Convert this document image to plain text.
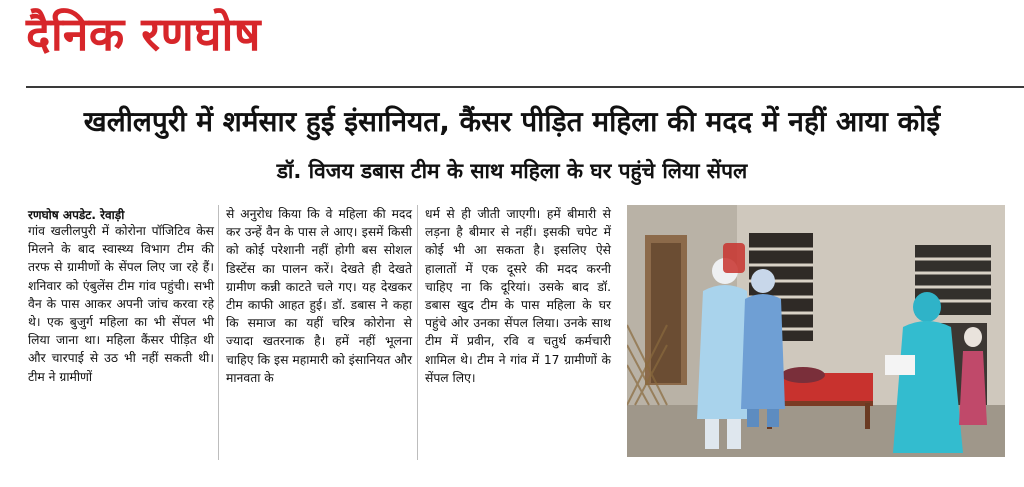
दैनिक रणघोष
खलीलपुरी में शर्मसार हुई इंसानियत, कैंसर पीड़ित महिला की मदद में नहीं आया कोई
डॉ. विजय डबास टीम के साथ महिला के घर पहुंचे लिया सेंपल
रणघोष अपडेट. रेवाड़ी

गांव खलीलपुरी में कोरोना पॉजिटिव केस मिलने के बाद स्वास्थ्य विभाग टीम की तरफ से ग्रामीणों के सेंपल लिए जा रहे हैं। शनिवार को एंबुलेंस टीम गांव पहुंची। सभी वैन के पास आकर अपनी जांच करवा रहे थे। एक बुजुर्ग महिला का भी सेंपल भी लिया जाना था। महिला कैंसर पीड़ित थी और चारपाई से उठ भी नहीं सकती थी। टीम ने ग्रामीणों

से अनुरोध किया कि वे महिला की मदद कर उन्हें वैन के पास ले आए। इसमें किसी को कोई परेशानी नहीं होगी बस सोशल डिस्टेंस का पालन करें। देखते ही देखते ग्रामीण कन्नी काटते चले गए। यह देखकर टीम काफी आहत हुई। डॉ. डबास ने कहा कि समाज का यहीं चरित्र कोरोना से ज्यादा खतरनाक है। हमें नहीं भूलना चाहिए कि इस महामारी को इंसानियत और मानवता के

धर्म से ही जीती जाएगी। हमें बीमारी से लड़ना है बीमार से नहीं। इसकी चपेट में कोई भी आ सकता है। इसलिए ऐसे हालातों में एक दूसरे की मदद करनी चाहिए ना कि दूरियां। उसके बाद डॉ. डबास खुद टीम के पास महिला के घर पहुंचे ओर उनका सेंपल लिया। उनके साथ टीम में प्रवीन, रवि व चतुर्थ कर्मचारी शामिल थे। टीम ने गांव में 17 ग्रामीणों के सेंपल लिए।
